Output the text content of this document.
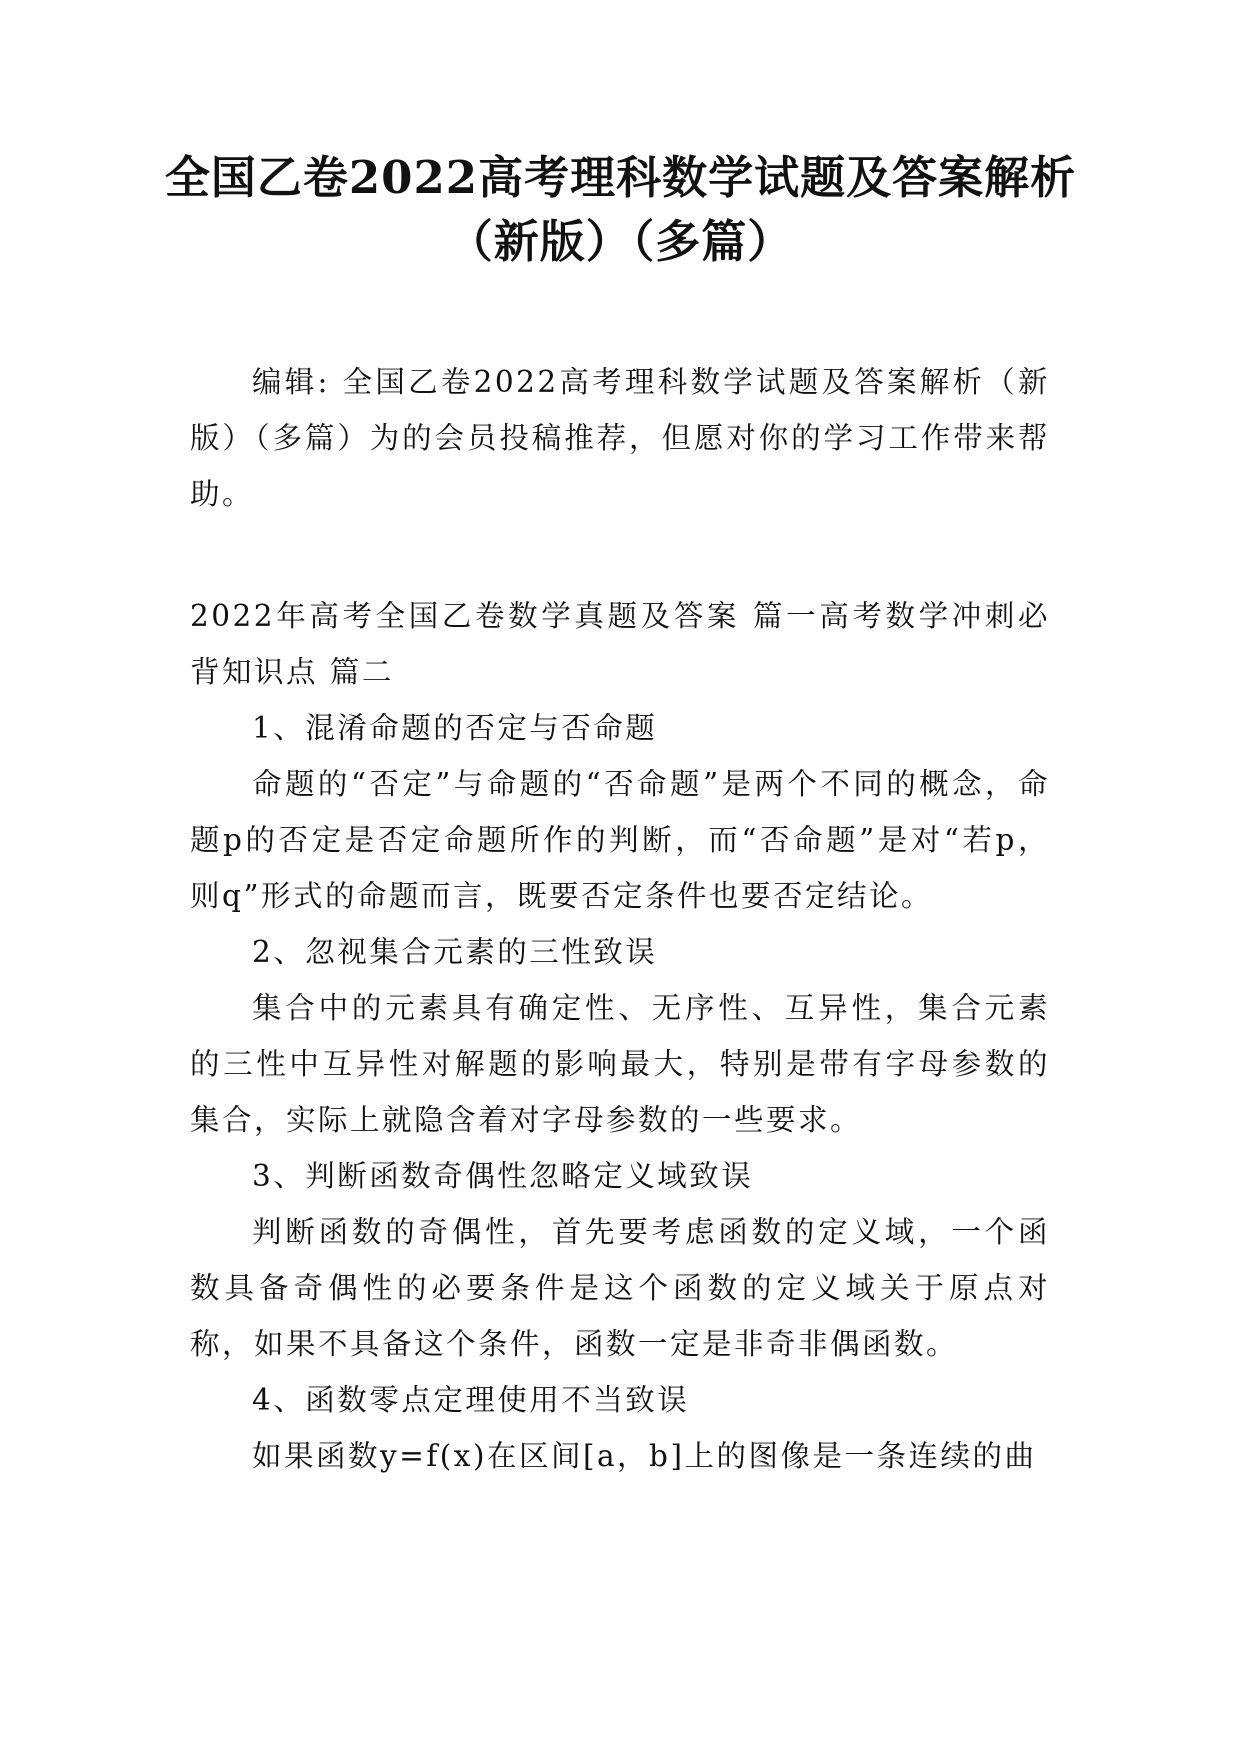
全国乙卷2022高考理科数学试题及答案解析（新版）（多篇）

编辑: 全国乙卷2022高考理科数学试题及答案解析（新版）（多篇）为的会员投稿推荐，但愿对你的学习工作带来帮助。

2022年高考全国乙卷数学真题及答案 篇一高考数学冲刺必背知识点 篇二

1、混淆命题的否定与否命题

命题的“否定”与命题的“否命题”是两个不同的概念，命题p的否定是否定命题所作的判断，而“否命题”是对“若p，则q”形式的命题而言，既要否定条件也要否定结论。

2、忽视集合元素的三性致误

集合中的元素具有确定性、无序性、互异性，集合元素的三性中互异性对解题的影响最大，特别是带有字母参数的集合，实际上就隐含着对字母参数的一些要求。

3、判断函数奇偶性忽略定义域致误

判断函数的奇偶性，首先要考虑函数的定义域，一个函数具备奇偶性的必要条件是这个函数的定义域关于原点对称，如果不具备这个条件，函数一定是非奇非偶函数。

4、函数零点定理使用不当致误

如果函数y=f(x)在区间[a，b]上的图像是一条连续的曲
